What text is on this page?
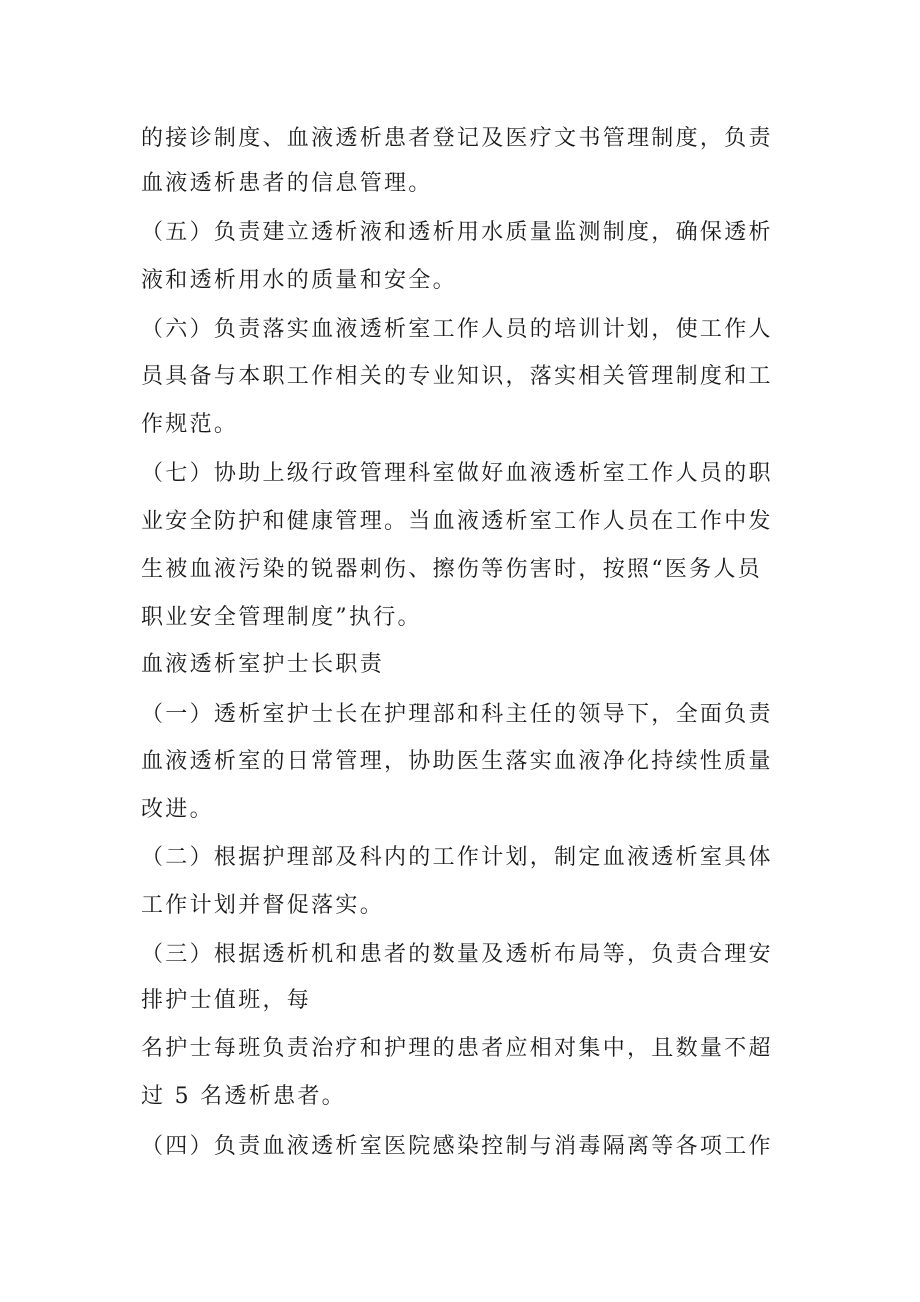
的接诊制度、血液透析患者登记及医疗文书管理制度，负责
血液透析患者的信息管理。
（五）负责建立透析液和透析用水质量监测制度，确保透析
液和透析用水的质量和安全。
（六）负责落实血液透析室工作人员的培训计划，使工作人
员具备与本职工作相关的专业知识，落实相关管理制度和工
作规范。
（七）协助上级行政管理科室做好血液透析室工作人员的职
业安全防护和健康管理。当血液透析室工作人员在工作中发
生被血液污染的锐器刺伤、擦伤等伤害时，按照“医务人员
职业安全管理制度”执行。
血液透析室护士长职责
（一）透析室护士长在护理部和科主任的领导下，全面负责
血液透析室的日常管理，协助医生落实血液净化持续性质量
改进。
（二）根据护理部及科内的工作计划，制定血液透析室具体
工作计划并督促落实。
（三）根据透析机和患者的数量及透析布局等，负责合理安
排护士值班，每
名护士每班负责治疗和护理的患者应相对集中，且数量不超
过 5 名透析患者。
（四）负责血液透析室医院感染控制与消毒隔离等各项工作
